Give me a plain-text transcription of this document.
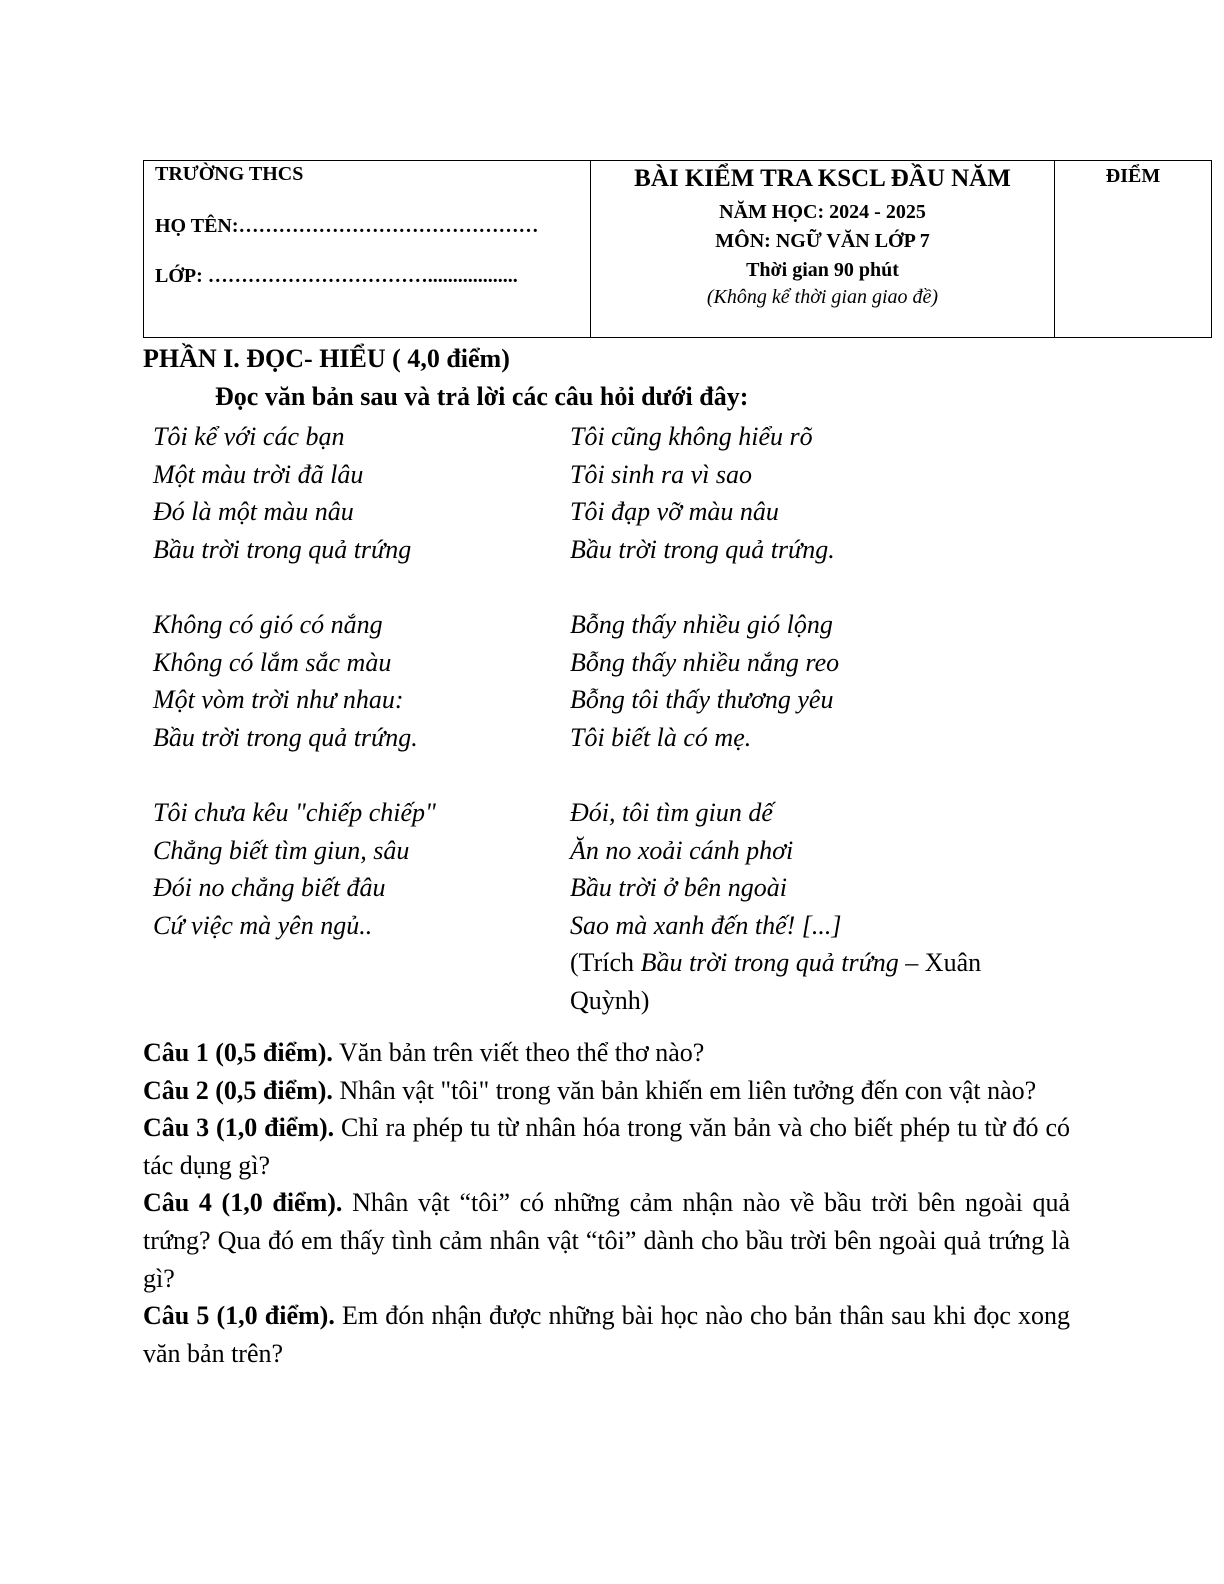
TRƯỜNG THCS
HỌ TÊN:………………………………………
LỚP: ……………………………..................

BÀI KIỂM TRA KSCL ĐẦU NĂM
NĂM HỌC: 2024 - 2025
MÔN: NGỮ VĂN LỚP 7
Thời gian 90 phút
(Không kể thời gian giao đề)

ĐIỂM
PHẦN I. ĐỌC- HIỂU ( 4,0 điểm)
Đọc văn bản sau và trả lời các câu hỏi dưới đây:
Tôi kể với các bạn
Một màu trời đã lâu
Đó là một màu nâu
Bầu trời trong quả trứng
Không có gió có nắng
Không có lắm sắc màu
Một vòm trời như nhau:
Bầu trời trong quả trứng.
Tôi chưa kêu "chiếp chiếp"
Chẳng biết tìm giun, sâu
Đói no chẳng biết đâu
Cứ việc mà yên ngủ..
Tôi cũng không hiểu rõ
Tôi sinh ra vì sao
Tôi đạp vỡ màu nâu
Bầu trời trong quả trứng.
Bỗng thấy nhiều gió lộng
Bỗng thấy nhiều nắng reo
Bỗng tôi thấy thương yêu
Tôi biết là có mẹ.
Đói, tôi tìm giun dế
Ăn no xoải cánh phơi
Bầu trời ở bên ngoài
Sao mà xanh đến thế! [...]
(Trích Bầu trời trong quả trứng – Xuân Quỳnh)

Câu 1 (0,5 điểm). Văn bản trên viết theo thể thơ nào?

Câu 2 (0,5 điểm). Nhân vật "tôi" trong văn bản khiến em liên tưởng đến con vật nào?

Câu 3 (1,0 điểm). Chỉ ra phép tu từ nhân hóa trong văn bản và cho biết phép tu từ đó có tác dụng gì?

Câu 4 (1,0 điểm). Nhân vật “tôi” có những cảm nhận nào về bầu trời bên ngoài quả trứng? Qua đó em thấy tình cảm nhân vật “tôi” dành cho bầu trời bên ngoài quả trứng là gì?

Câu 5 (1,0 điểm). Em đón nhận được những bài học nào cho bản thân sau khi đọc xong văn bản trên?
